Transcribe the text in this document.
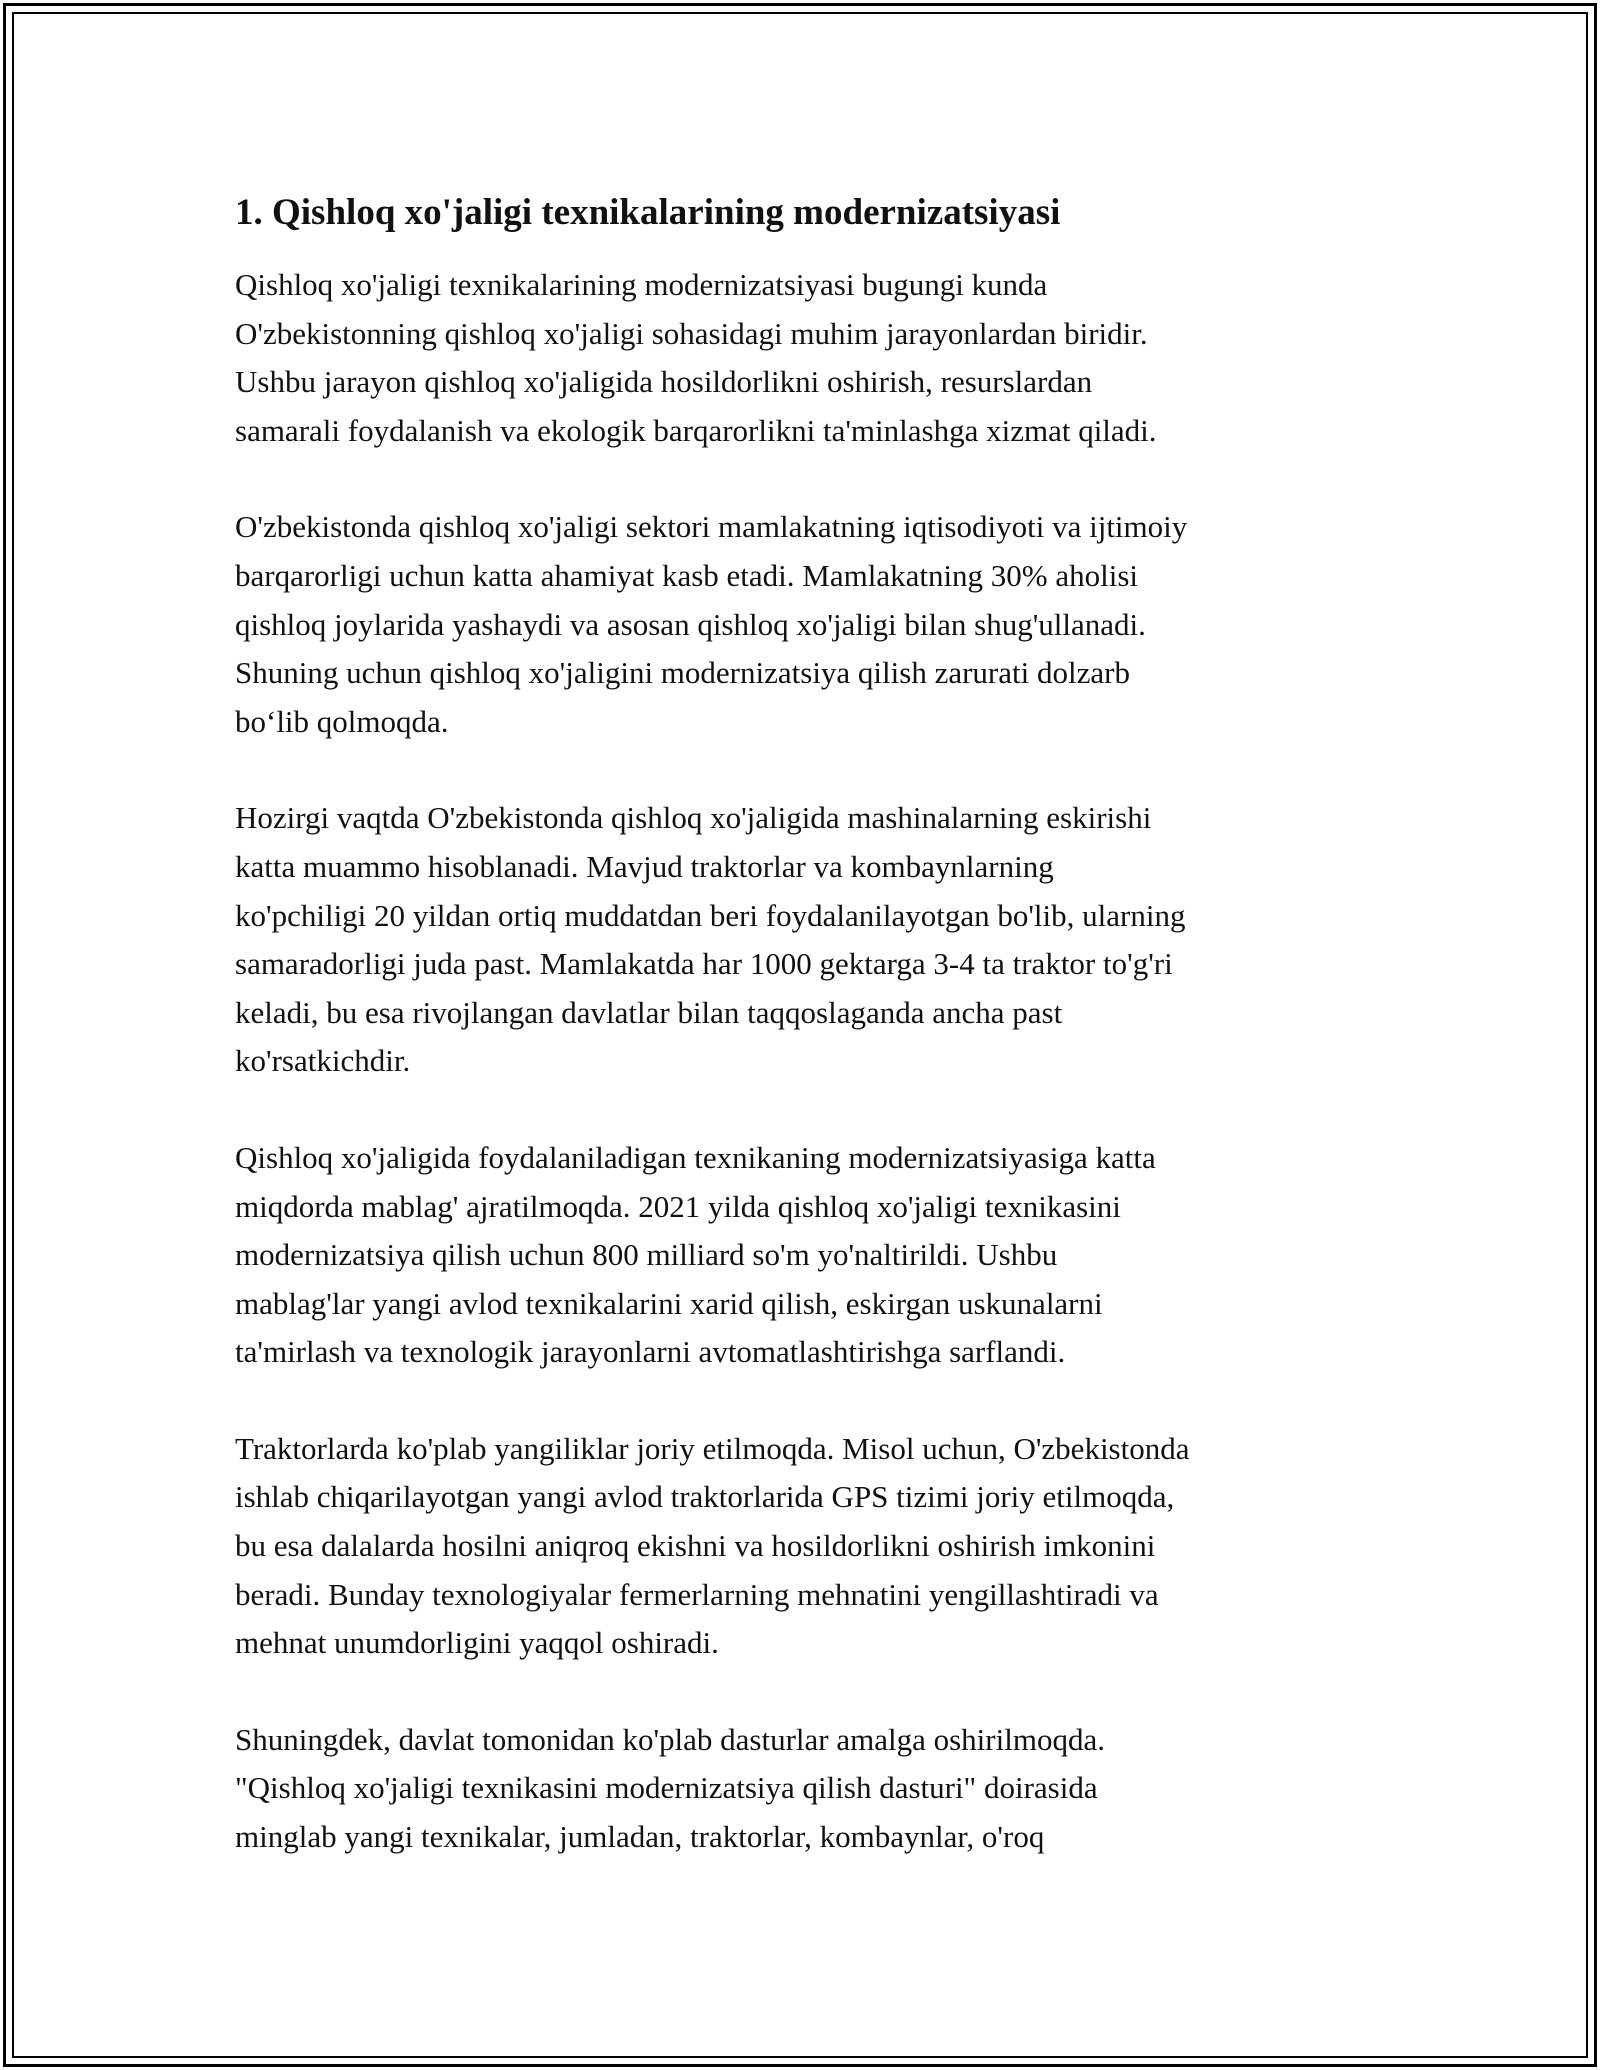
1. Qishloq xo'jaligi texnikalarining modernizatsiyasi

Qishloq xo'jaligi texnikalarining modernizatsiyasi bugungi kunda
O'zbekistonning qishloq xo'jaligi sohasidagi muhim jarayonlardan biridir.
Ushbu jarayon qishloq xo'jaligida hosildorlikni oshirish, resurslardan
samarali foydalanish va ekologik barqarorlikni ta'minlashga xizmat qiladi.

O'zbekistonda qishloq xo'jaligi sektori mamlakatning iqtisodiyoti va ijtimoiy
barqarorligi uchun katta ahamiyat kasb etadi. Mamlakatning 30% aholisi
qishloq joylarida yashaydi va asosan qishloq xo'jaligi bilan shug'ullanadi.
Shuning uchun qishloq xo'jaligini modernizatsiya qilish zarurati dolzarb
bo‘lib qolmoqda.

Hozirgi vaqtda O'zbekistonda qishloq xo'jaligida mashinalarning eskirishi
katta muammo hisoblanadi. Mavjud traktorlar va kombaynlarning
ko'pchiligi 20 yildan ortiq muddatdan beri foydalanilayotgan bo'lib, ularning
samaradorligi juda past. Mamlakatda har 1000 gektarga 3-4 ta traktor to'g'ri
keladi, bu esa rivojlangan davlatlar bilan taqqoslaganda ancha past
ko'rsatkichdir.

Qishloq xo'jaligida foydalaniladigan texnikaning modernizatsiyasiga katta
miqdorda mablag' ajratilmoqda. 2021 yilda qishloq xo'jaligi texnikasini
modernizatsiya qilish uchun 800 milliard so'm yo'naltirildi. Ushbu
mablag'lar yangi avlod texnikalarini xarid qilish, eskirgan uskunalarni
ta'mirlash va texnologik jarayonlarni avtomatlashtirishga sarflandi.

Traktorlarda ko'plab yangiliklar joriy etilmoqda. Misol uchun, O'zbekistonda
ishlab chiqarilayotgan yangi avlod traktorlarida GPS tizimi joriy etilmoqda,
bu esa dalalarda hosilni aniqroq ekishni va hosildorlikni oshirish imkonini
beradi. Bunday texnologiyalar fermerlarning mehnatini yengillashtiradi va
mehnat unumdorligini yaqqol oshiradi.

Shuningdek, davlat tomonidan ko'plab dasturlar amalga oshirilmoqda.
"Qishloq xo'jaligi texnikasini modernizatsiya qilish dasturi" doirasida
minglab yangi texnikalar, jumladan, traktorlar, kombaynlar, o'roq
